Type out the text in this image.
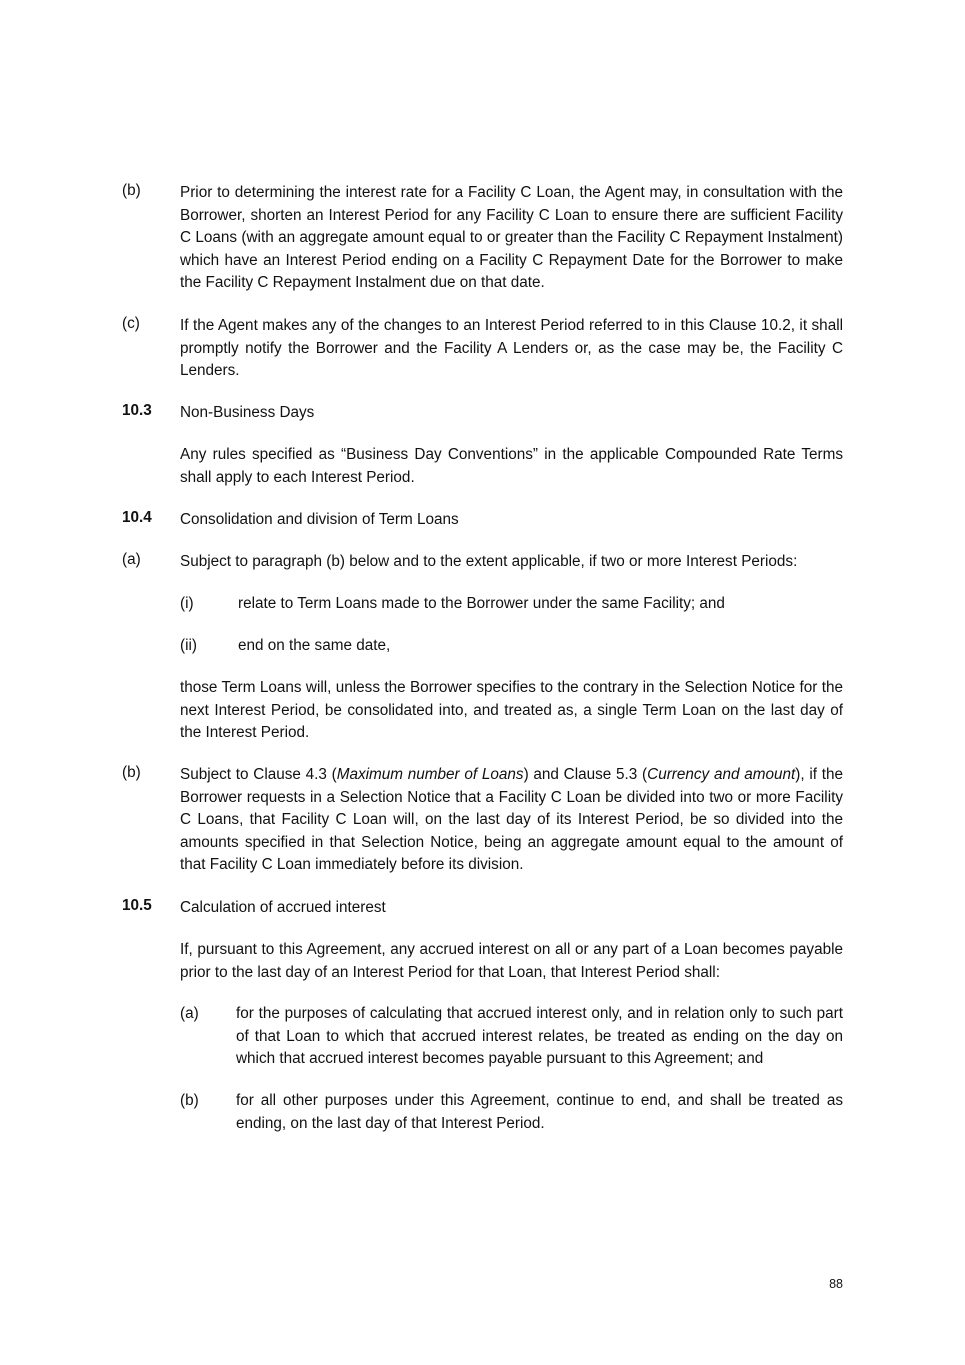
(b)	Prior to determining the interest rate for a Facility C Loan, the Agent may, in consultation with the Borrower, shorten an Interest Period for any Facility C Loan to ensure there are sufficient Facility C Loans (with an aggregate amount equal to or greater than the Facility C Repayment Instalment) which have an Interest Period ending on a Facility C Repayment Date for the Borrower to make the Facility C Repayment Instalment due on that date.
(c)	If the Agent makes any of the changes to an Interest Period referred to in this Clause 10.2, it shall promptly notify the Borrower and the Facility A Lenders or, as the case may be, the Facility C Lenders.
10.3 Non-Business Days
Any rules specified as “Business Day Conventions” in the applicable Compounded Rate Terms shall apply to each Interest Period.
10.4 Consolidation and division of Term Loans
(a)	Subject to paragraph (b) below and to the extent applicable, if two or more Interest Periods:
(i)	relate to Term Loans made to the Borrower under the same Facility; and
(ii)	end on the same date,
those Term Loans will, unless the Borrower specifies to the contrary in the Selection Notice for the next Interest Period, be consolidated into, and treated as, a single Term Loan on the last day of the Interest Period.
(b)	Subject to Clause 4.3 (Maximum number of Loans) and Clause 5.3 (Currency and amount), if the Borrower requests in a Selection Notice that a Facility C Loan be divided into two or more Facility C Loans, that Facility C Loan will, on the last day of its Interest Period, be so divided into the amounts specified in that Selection Notice, being an aggregate amount equal to the amount of that Facility C Loan immediately before its division.
10.5 Calculation of accrued interest
If, pursuant to this Agreement, any accrued interest on all or any part of a Loan becomes payable prior to the last day of an Interest Period for that Loan, that Interest Period shall:
(a) for the purposes of calculating that accrued interest only, and in relation only to such part of that Loan to which that accrued interest relates, be treated as ending on the day on which that accrued interest becomes payable pursuant to this Agreement; and
(b) for all other purposes under this Agreement, continue to end, and shall be treated as ending, on the last day of that Interest Period.
88
